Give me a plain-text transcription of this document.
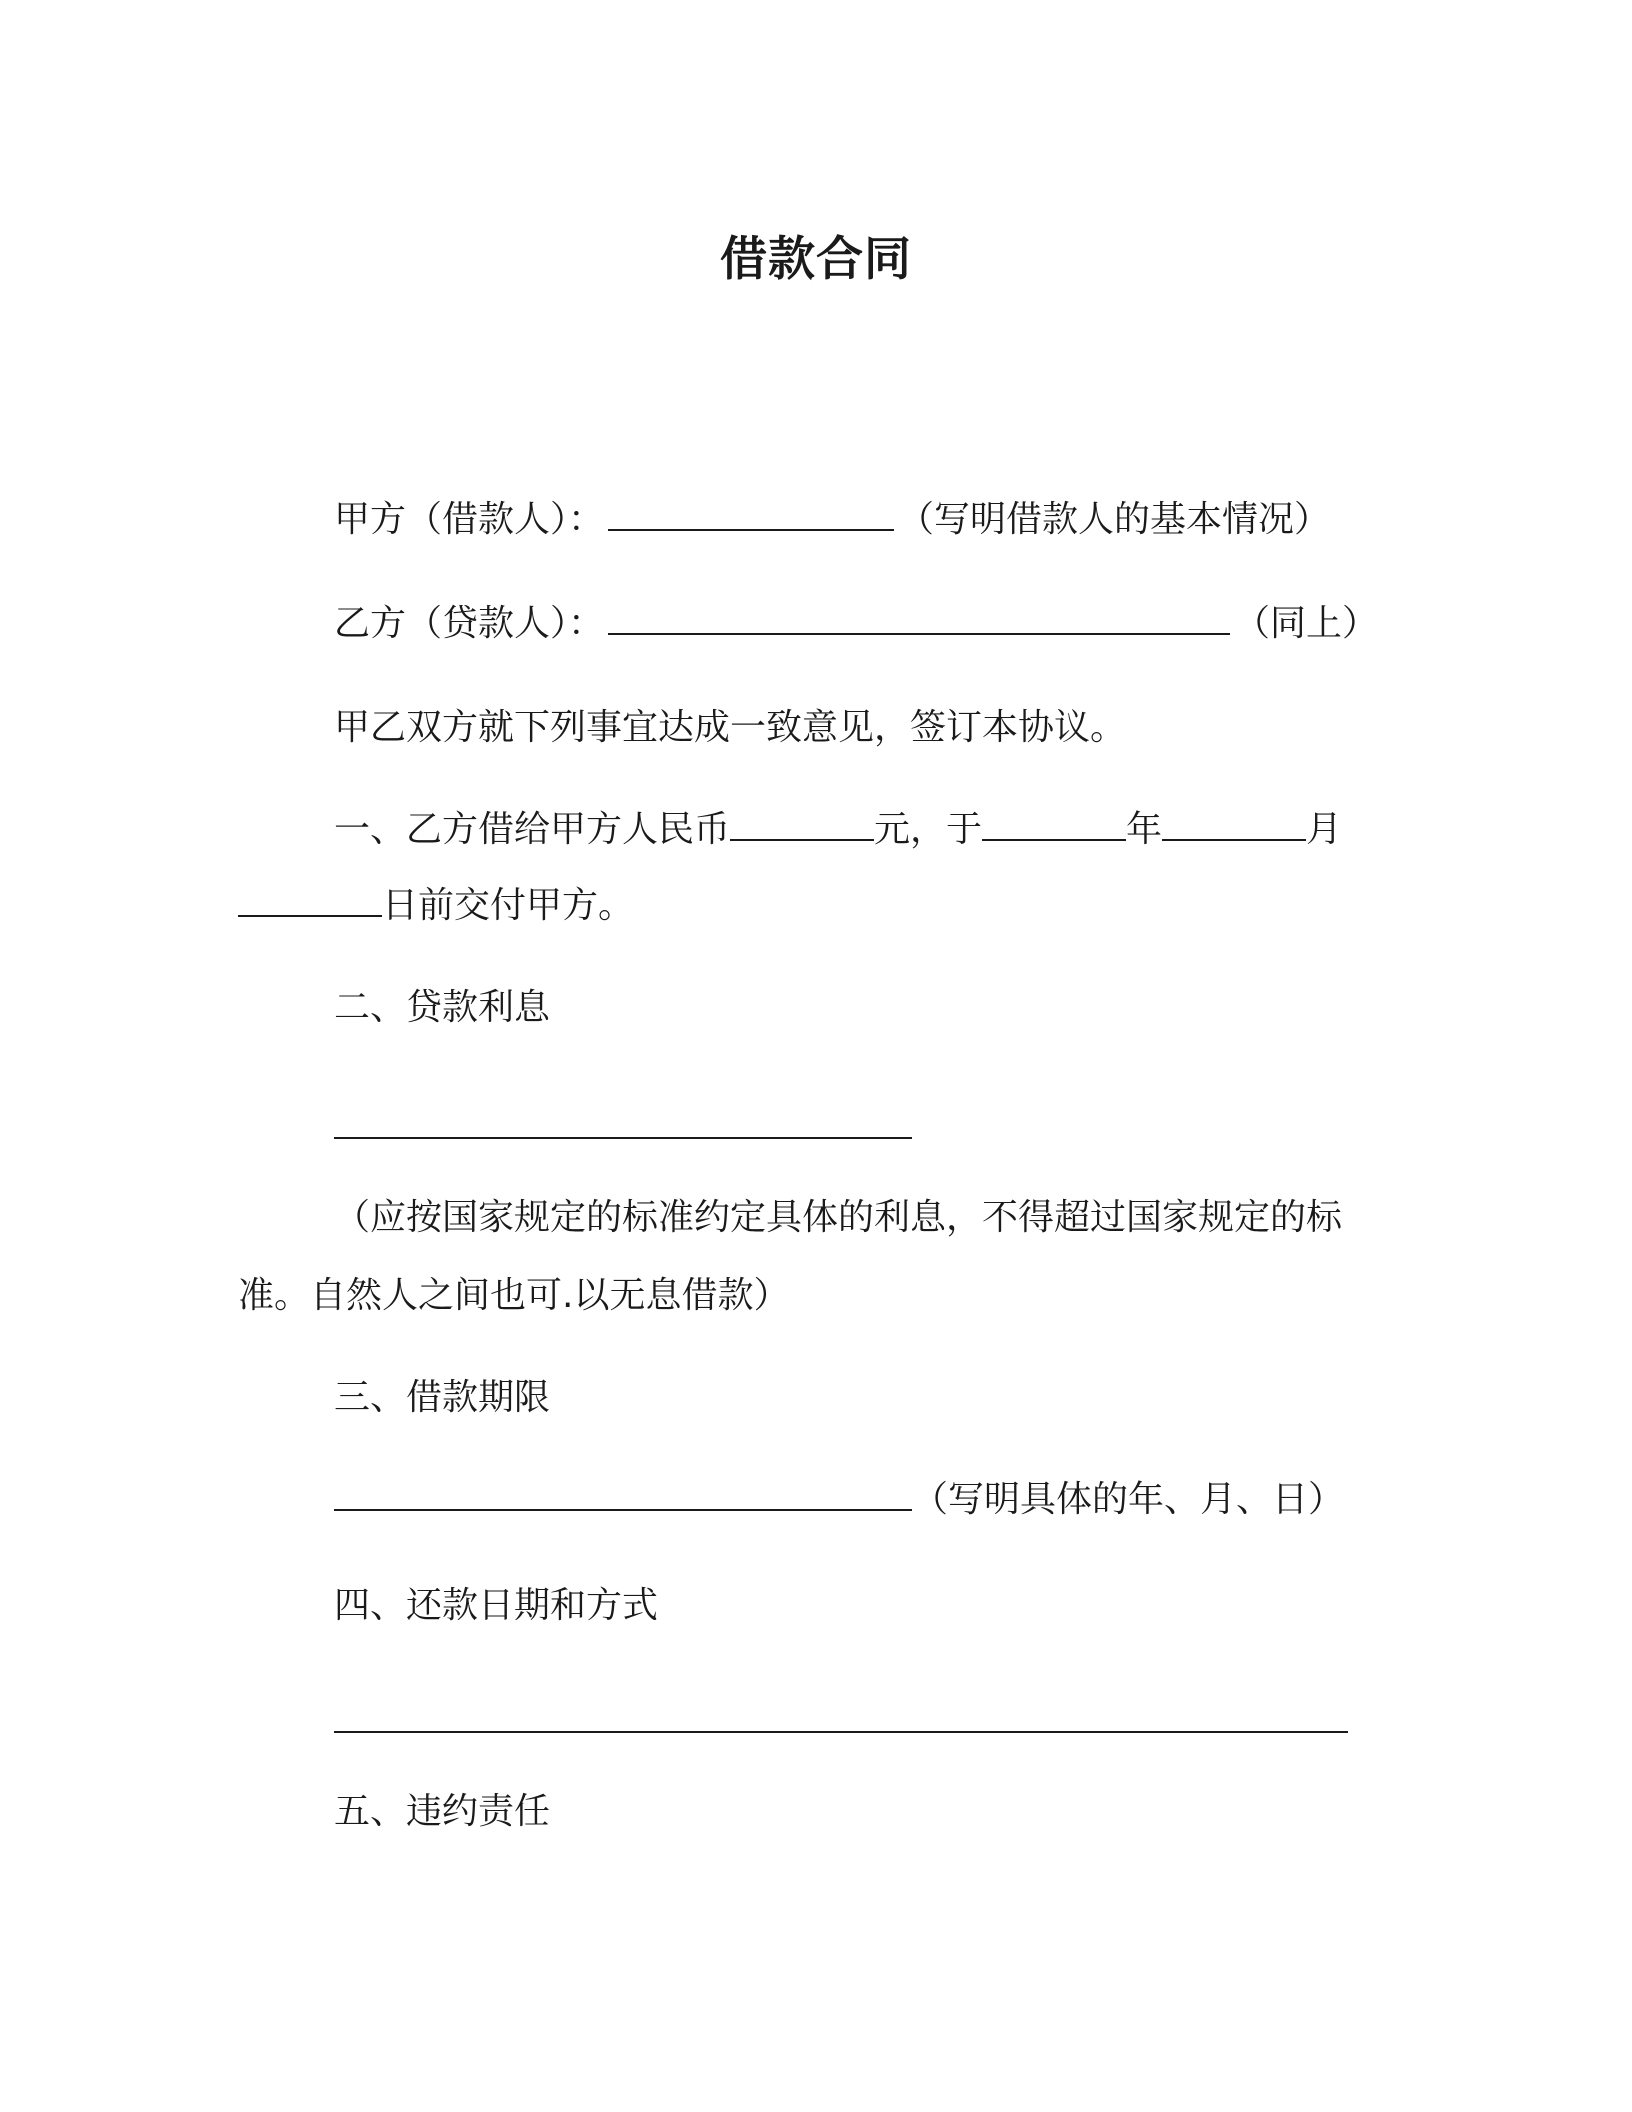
借款合同
甲方（借款人）：	（写明借款人的基本情况）
乙方（贷款人）：	（同上）
甲乙双方就下列事宜达成一致意见，签订本协议。
一、乙方借给甲方人民币	元，于	年	月
日前交付甲方。
二、贷款利息
（应按国家规定的标准约定具体的利息，不得超过国家规定的标
准。自然人之间也可.以无息借款）
三、借款期限
（写明具体的年、月、日）
四、还款日期和方式
五、违约责任
